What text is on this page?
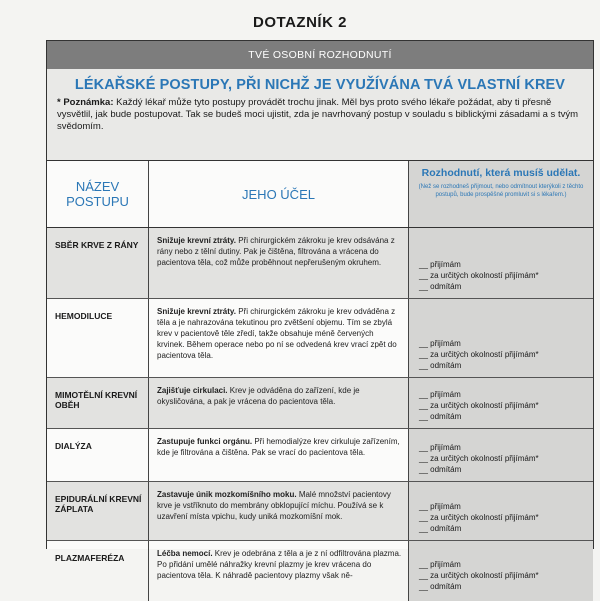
DOTAZNÍK 2
TVÉ OSOBNÍ ROZHODNUTÍ
LÉKAŘSKÉ POSTUPY, PŘI NICHŽ JE VYUŽÍVÁNA TVÁ VLASTNÍ KREV
* Poznámka: Každý lékař může tyto postupy provádět trochu jinak. Měl bys proto svého lékaře požádat, aby ti přesně vysvětlil, jak bude postupovat. Tak se budeš moci ujistit, zda je navrhovaný postup v souladu s biblickými zásadami a s tvým svědomím.
NÁZEV POSTUPU	JEHO ÚČEL
Rozhodnutí, která musíš udělat.
(Než se rozhodneš přijmout, nebo odmítnout kterýkoli z těchto postupů, bude prospěšné promluvit si s lékařem.)
SBĚR KRVE Z RÁNY	Snižuje krevní ztráty. Při chirurgickém zákroku je krev odsávána z rány nebo z tělní dutiny. Pak je čištěna, filtrována a vrácena do pacientova těla, což může proběhnout nepřerušeným okruhem.
__	přijímám
__ za určitých okolností přijímám*
__ odmítám
HEMODILUCE	Snižuje krevní ztráty. Při chirurgickém zákroku je krev odváděna z těla a je nahrazována tekutinou pro zvětšení objemu. Tím se zbylá krev v pacientově těle zředí, takže obsahuje méně červených krvinek. Během operace nebo po ní se odvedená krev vrací zpět do pacientova těla.
__ přijímám
__ za určitých okolností přijímám*
__ odmítám
MIMOTĚLNÍ KREVNÍ OBĚH
Zajišťuje cirkulaci. Krev je odváděna do zařízení, kde je okysličována, a pak je vrácena do pacientova těla.
__ přijímám
__ za určitých okolností přijímám*
__ odmítám
DIALÝZA	Zastupuje funkci orgánu. Při hemodialýze krev cirkuluje zařízením, kde je filtrována a čištěna. Pak se vrací do pacientova těla.
__ přijímám
__ za určitých okolností přijímám*
__ odmítám
EPIDURÁLNÍ KREVNÍ ZÁPLATA
Zastavuje únik mozkomíšního moku. Malé množství pacientovy krve je vstříknuto do membrány obklopující míchu. Používá se k uzavření místa vpichu, kudy uniká mozkomíšní mok.
__ přijímám
__ za určitých okolností přijímám*
__ odmítám
PLAZMAFERÉZA	Léčba nemocí. Krev je odebrána z těla a je z ní odfiltrována plazma. Po přidání umělé náhražky krevní plazmy je krev vrácena do pacientova těla. K náhradě pacientovy plazmy však ně-
__ přijímám
__ za určitých okolností přijímám*
__ odmítám
